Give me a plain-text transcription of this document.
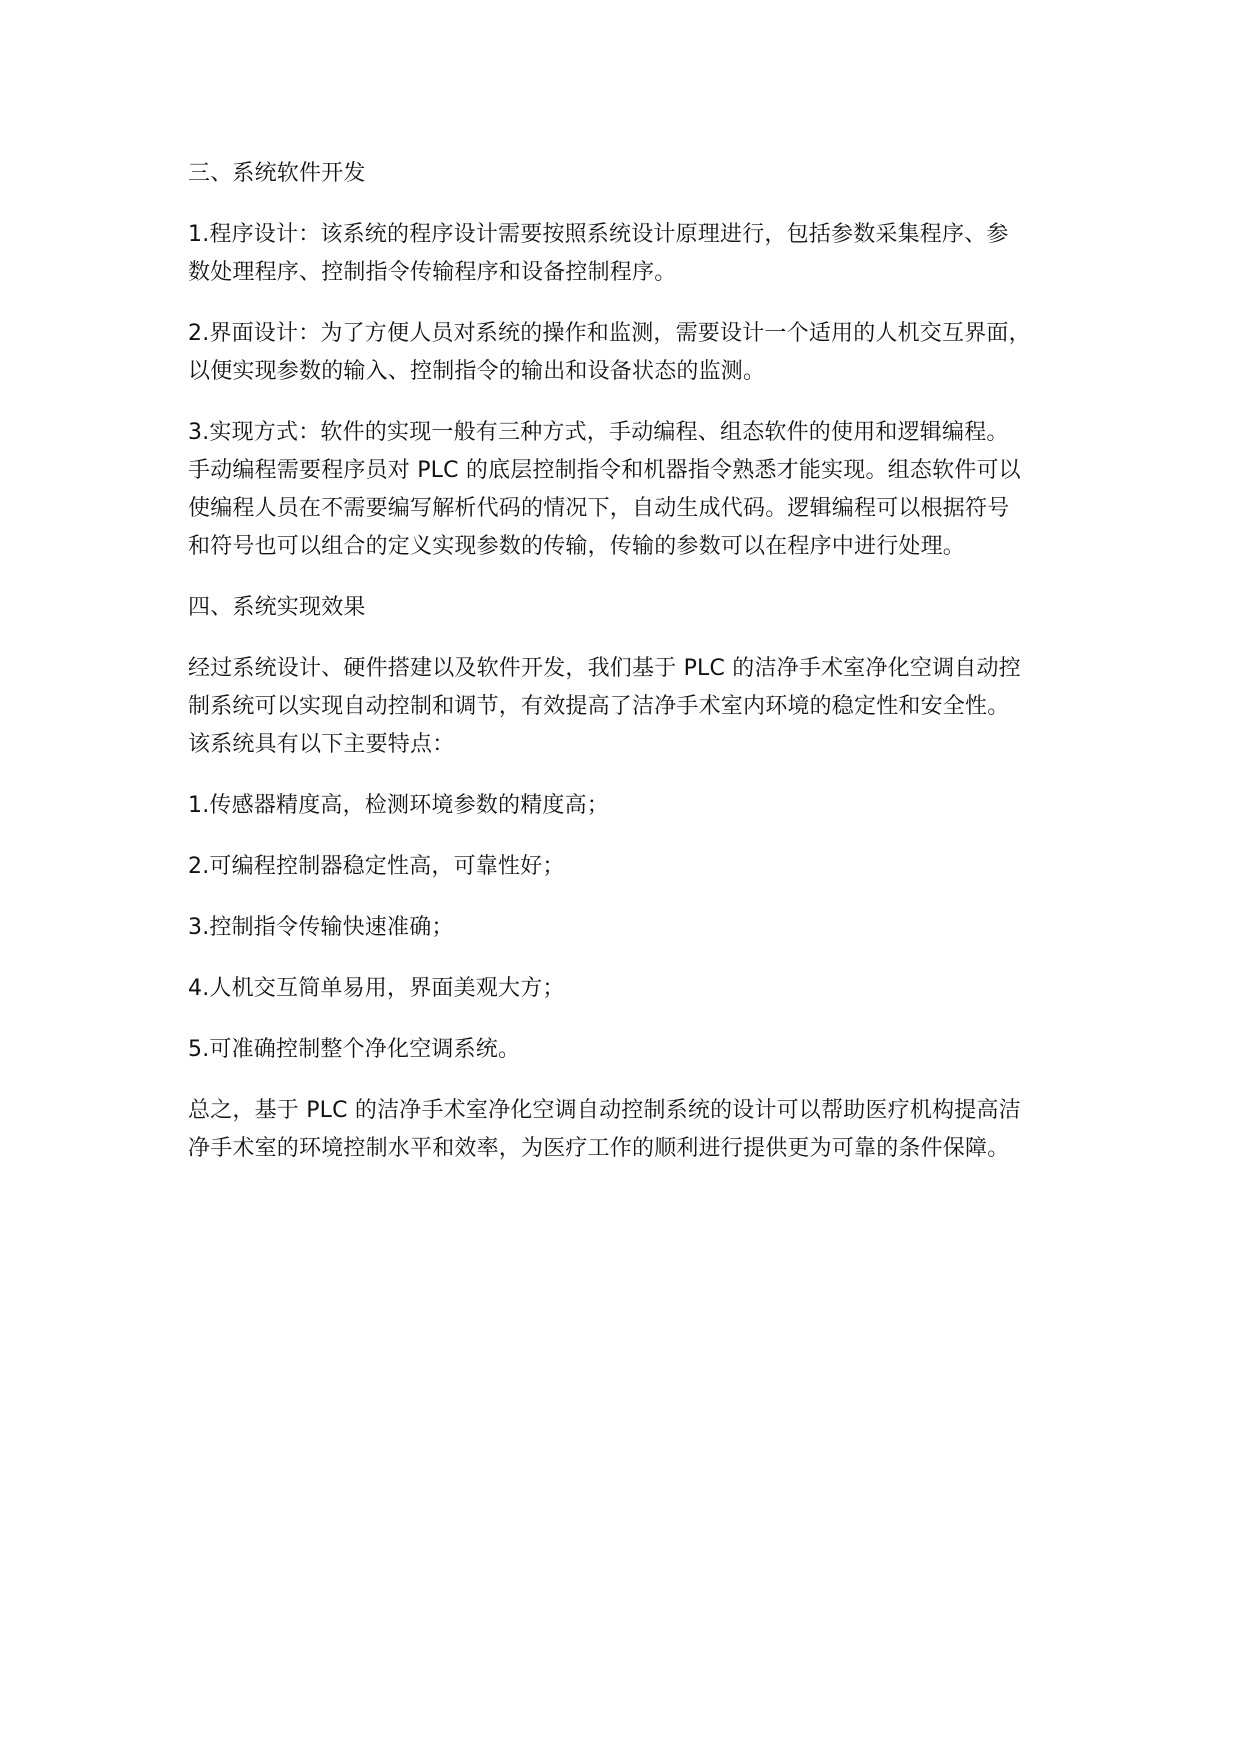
三、系统软件开发

1.程序设计：该系统的程序设计需要按照系统设计原理进行，包括参数采集程序、参
数处理程序、控制指令传输程序和设备控制程序。

2.界面设计：为了方便人员对系统的操作和监测，需要设计一个适用的人机交互界面，
以便实现参数的输入、控制指令的输出和设备状态的监测。

3.实现方式：软件的实现一般有三种方式，手动编程、组态软件的使用和逻辑编程。
手动编程需要程序员对 PLC 的底层控制指令和机器指令熟悉才能实现。组态软件可以
使编程人员在不需要编写解析代码的情况下，自动生成代码。逻辑编程可以根据符号
和符号也可以组合的定义实现参数的传输，传输的参数可以在程序中进行处理。

四、系统实现效果

经过系统设计、硬件搭建以及软件开发，我们基于 PLC 的洁净手术室净化空调自动控
制系统可以实现自动控制和调节，有效提高了洁净手术室内环境的稳定性和安全性。
该系统具有以下主要特点：

1.传感器精度高，检测环境参数的精度高；

2.可编程控制器稳定性高，可靠性好；

3.控制指令传输快速准确；

4.人机交互简单易用，界面美观大方；

5.可准确控制整个净化空调系统。

总之，基于 PLC 的洁净手术室净化空调自动控制系统的设计可以帮助医疗机构提高洁
净手术室的环境控制水平和效率，为医疗工作的顺利进行提供更为可靠的条件保障。
